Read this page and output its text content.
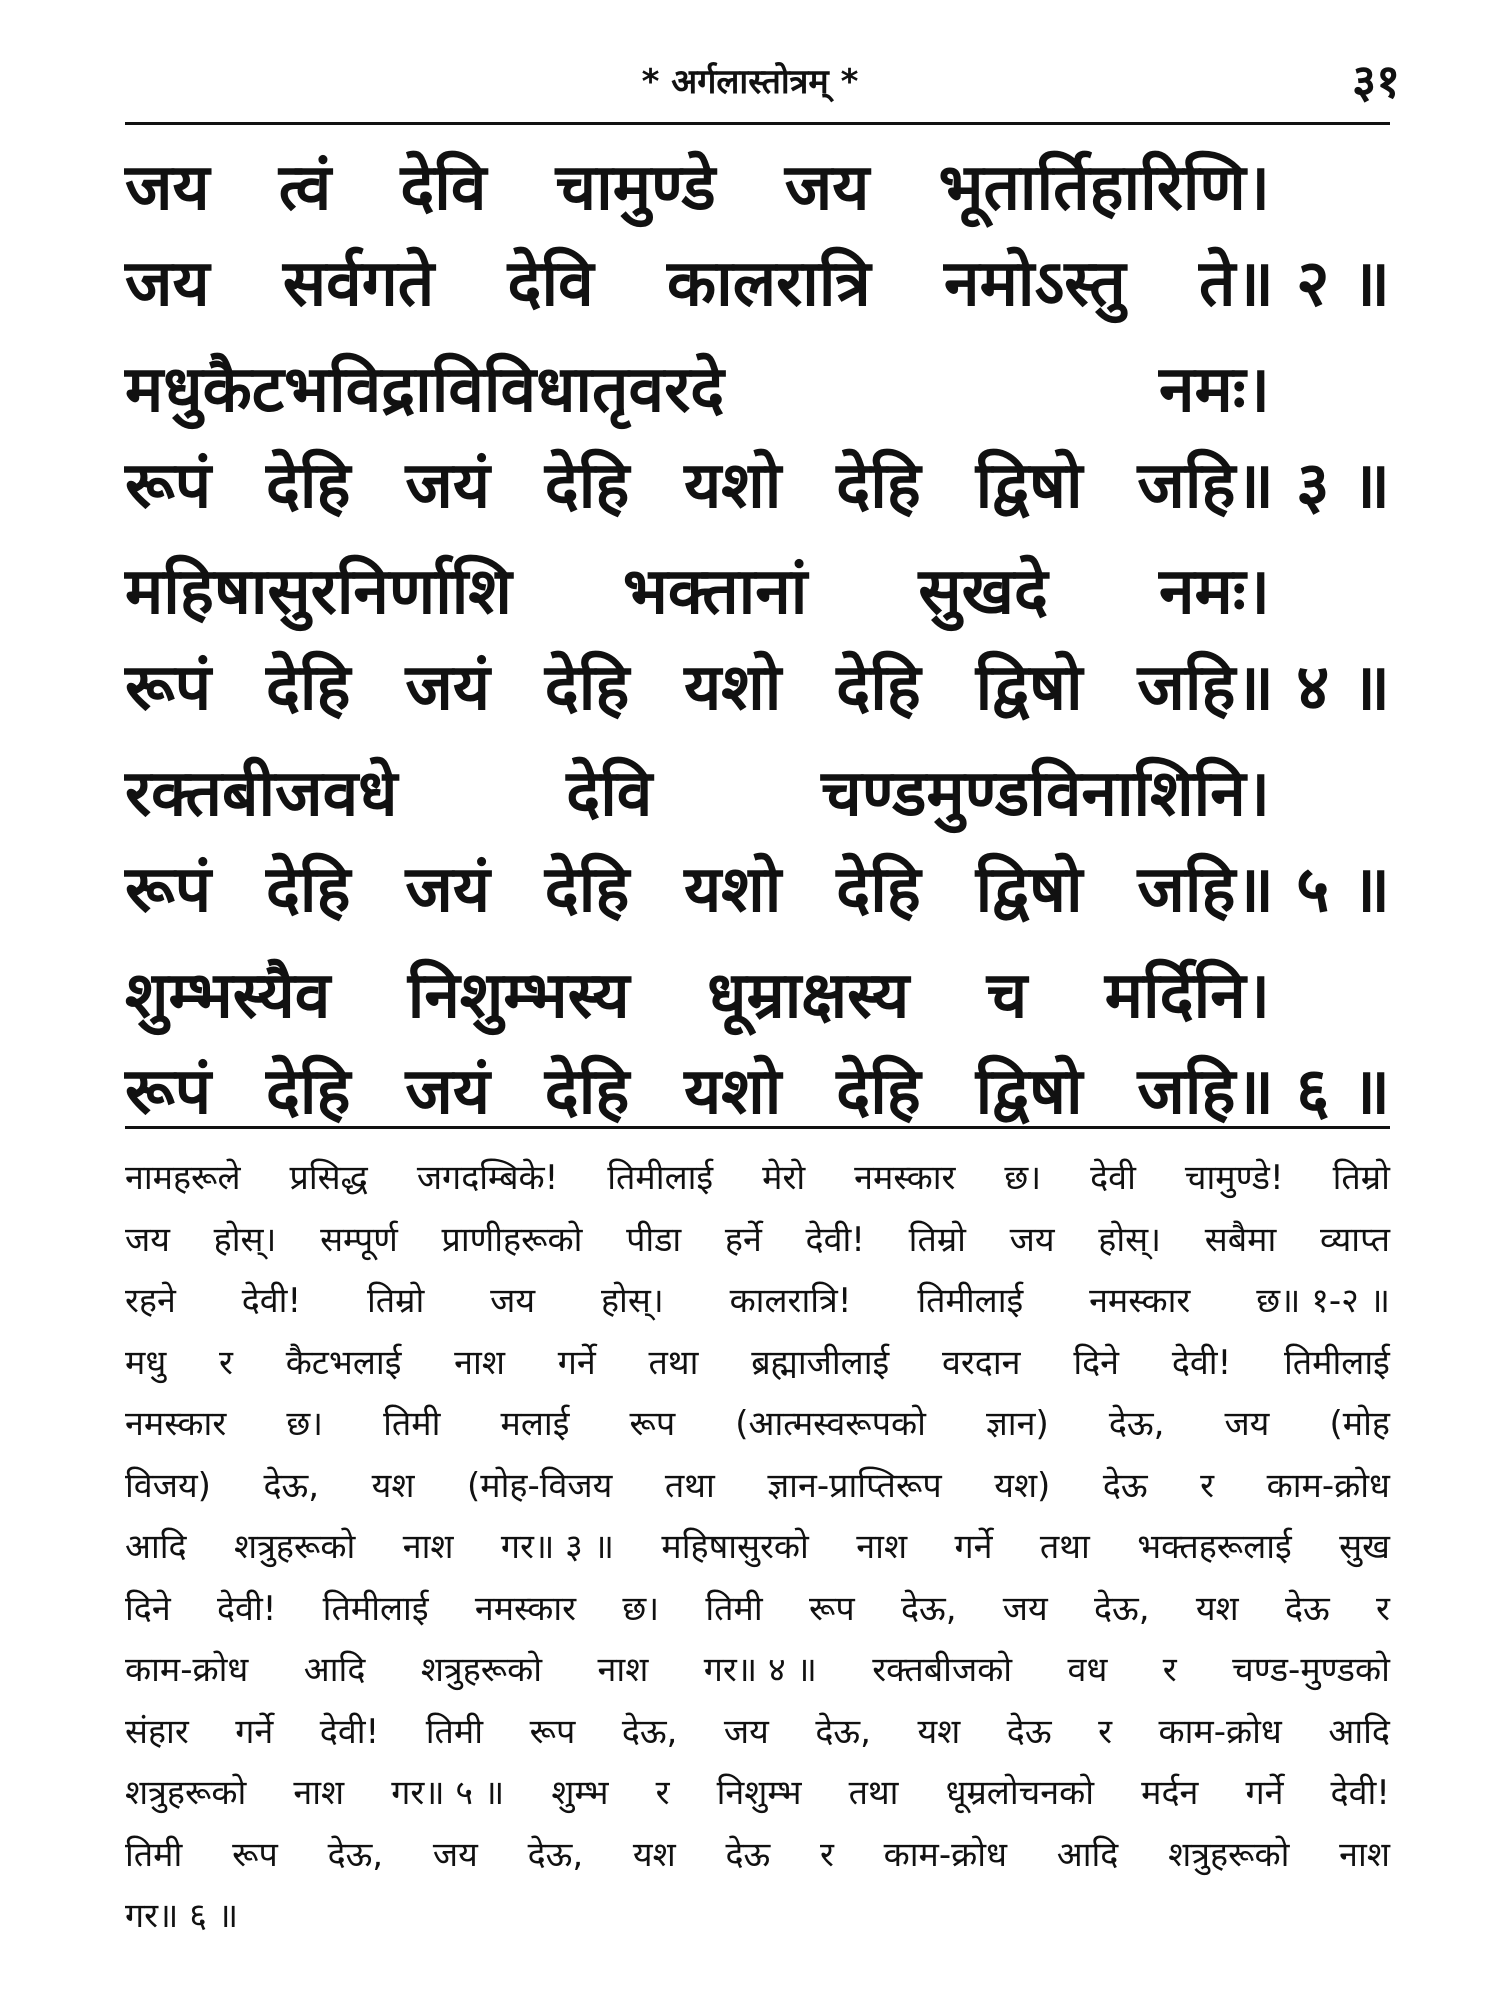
* अर्गलास्तोत्रम् *	३१
जय त्वं देवि चामुण्डे जय भूतार्तिहारिणि।
जय सर्वगते देवि कालरात्रि नमोऽस्तु ते॥ २ ॥
मधुकैटभविद्राविविधातृवरदे	नमः।
रूपं देहि जयं देहि यशो देहि द्विषो जहि॥ ३ ॥
महिषासुरनिर्णाशि भक्तानां सुखदे नमः।
रूपं देहि जयं देहि यशो देहि द्विषो जहि॥ ४ ॥
रक्तबीजवधे	देवि	चण्डमुण्डविनाशिनि।
रूपं देहि जयं देहि यशो देहि द्विषो जहि॥ ५ ॥
शुम्भस्यैव निशुम्भस्य धूम्राक्षस्य च मर्दिनि।
रूपं देहि जयं देहि यशो देहि द्विषो जहि॥ ६ ॥
नामहरूले प्रसिद्ध जगदम्बिके! तिमीलाई मेरो नमस्कार छ। देवी चामुण्डे! तिम्रो
जय होस्। सम्पूर्ण प्राणीहरूको पीडा हर्ने देवी! तिम्रो जय होस्। सबैमा व्याप्त
रहने देवी! तिम्रो जय होस्। कालरात्रि! तिमीलाई नमस्कार छ॥ १-२ ॥
मधु र कैटभलाई नाश गर्ने तथा ब्रह्माजीलाई वरदान दिने देवी! तिमीलाई
नमस्कार छ। तिमी मलाई रूप (आत्मस्वरूपको ज्ञान) देऊ, जय (मोह
विजय) देऊ, यश (मोह-विजय तथा ज्ञान-प्राप्तिरूप यश) देऊ र काम-क्रोध
आदि शत्रुहरूको नाश गर॥ ३ ॥ महिषासुरको नाश गर्ने तथा भक्तहरूलाई सुख
दिने देवी! तिमीलाई नमस्कार छ। तिमी रूप देऊ, जय देऊ, यश देऊ र
काम-क्रोध आदि शत्रुहरूको नाश गर॥ ४ ॥ रक्तबीजको वध र चण्ड-मुण्डको
संहार गर्ने देवी! तिमी रूप देऊ, जय देऊ, यश देऊ र काम-क्रोध आदि
शत्रुहरूको नाश गर॥ ५ ॥ शुम्भ र निशुम्भ तथा धूम्रलोचनको मर्दन गर्ने देवी!
तिमी रूप देऊ, जय देऊ, यश देऊ र काम-क्रोध आदि शत्रुहरूको नाश
गर॥ ६ ॥
